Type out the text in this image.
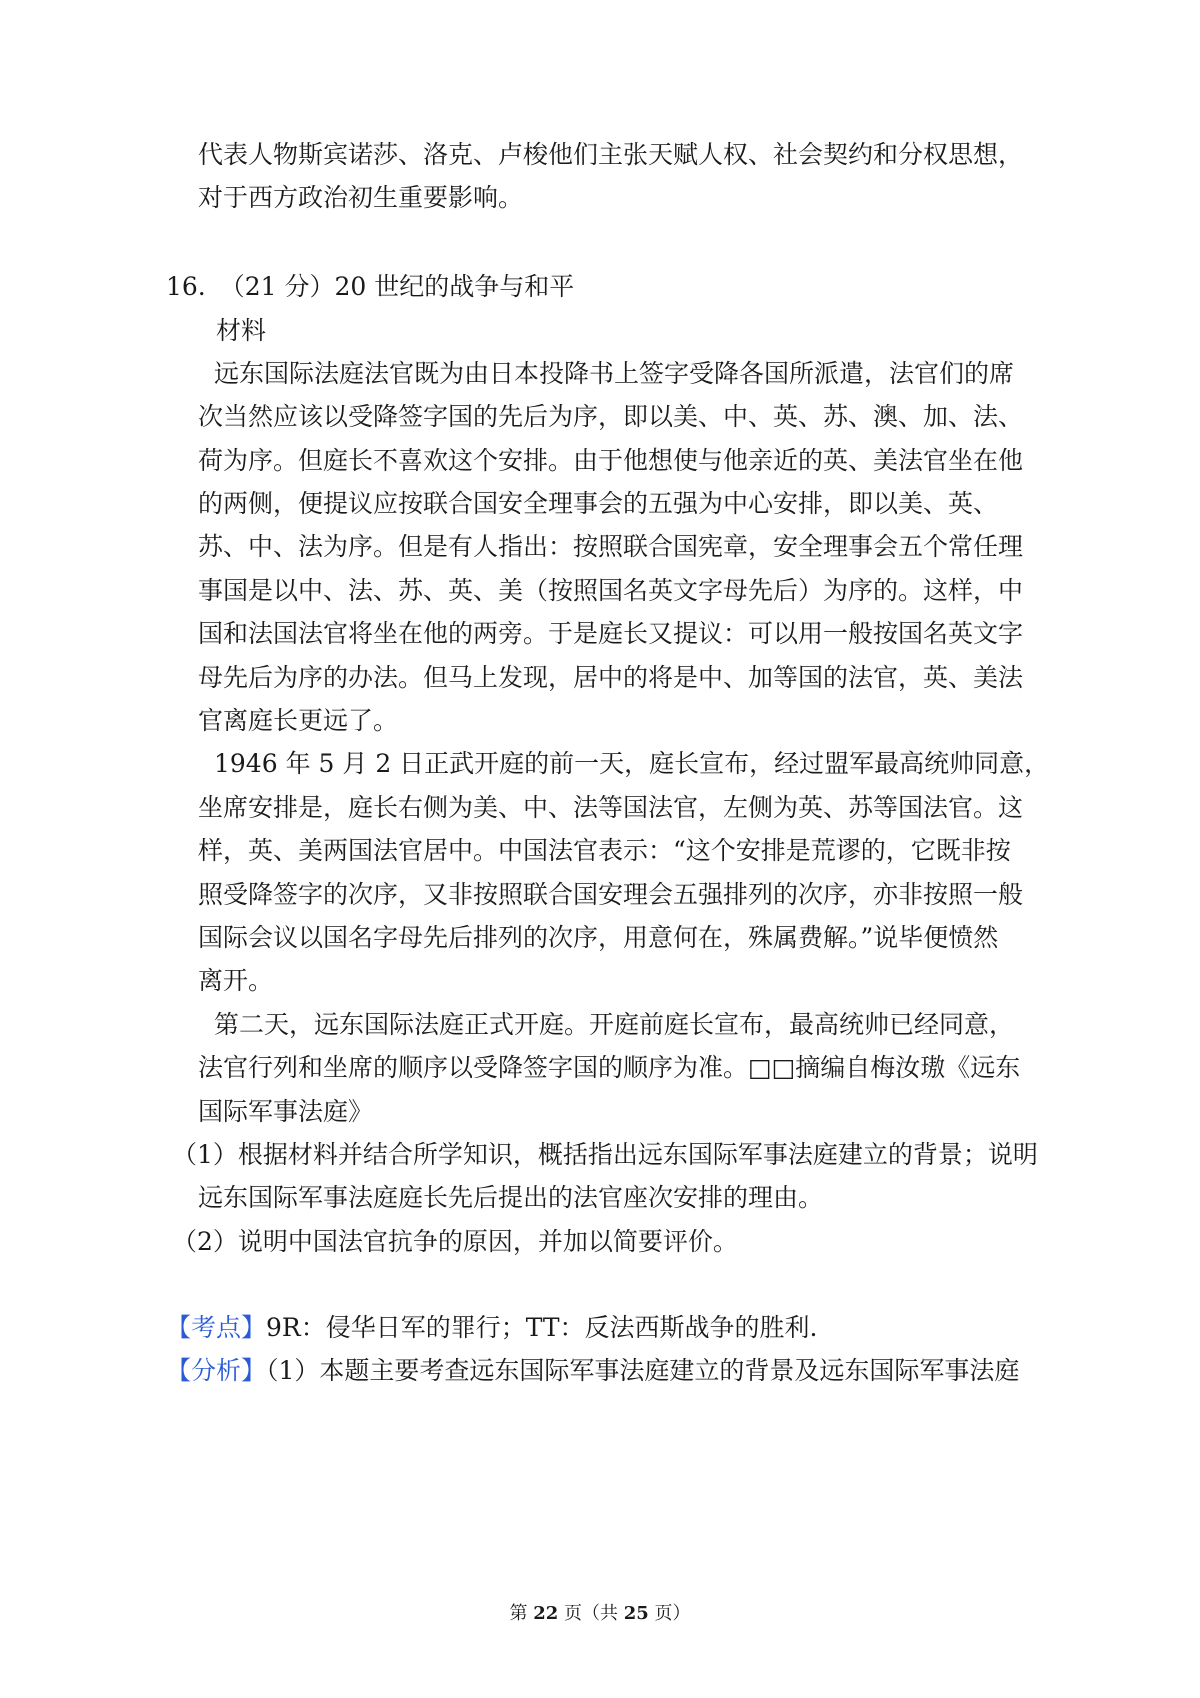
代表人物斯宾诺莎、洛克、卢梭他们主张天赋人权、社会契约和分权思想，
对于西方政治初生重要影响。
16. （21 分）20 世纪的战争与和平
材料
远东国际法庭法官既为由日本投降书上签字受降各国所派遣，法官们的席
次当然应该以受降签字国的先后为序，即以美、中、英、苏、澳、加、法、
荷为序。但庭长不喜欢这个安排。由于他想使与他亲近的英、美法官坐在他
的两侧，便提议应按联合国安全理事会的五强为中心安排，即以美、英、
苏、中、法为序。但是有人指出：按照联合国宪章，安全理事会五个常任理
事国是以中、法、苏、英、美（按照国名英文字母先后）为序的。这样，中
国和法国法官将坐在他的两旁。于是庭长又提议：可以用一般按国名英文字
母先后为序的办法。但马上发现，居中的将是中、加等国的法官，英、美法
官离庭长更远了。
1946 年 5 月 2 日正武开庭的前一天，庭长宣布，经过盟军最高统帅同意，
坐席安排是，庭长右侧为美、中、法等国法官，左侧为英、苏等国法官。这
样，英、美两国法官居中。中国法官表示：“这个安排是荒谬的，它既非按
照受降签字的次序，又非按照联合国安理会五强排列的次序，亦非按照一般
国际会议以国名字母先后排列的次序，用意何在，殊属费解。”说毕便愤然
离开。
第二天，远东国际法庭正式开庭。开庭前庭长宣布，最高统帅已经同意，
法官行列和坐席的顺序以受降签字国的顺序为准。□□摘编自梅汝璈《远东
国际军事法庭》
（1）根据材料并结合所学知识，概括指出远东国际军事法庭建立的背景；说明
远东国际军事法庭庭长先后提出的法官座次安排的理由。
（2）说明中国法官抗争的原因，并加以简要评价。
【考点】9R：侵华日军的罪行；TT：反法西斯战争的胜利.
【分析】（1）本题主要考查远东国际军事法庭建立的背景及远东国际军事法庭
第 22 页（共 25 页）
